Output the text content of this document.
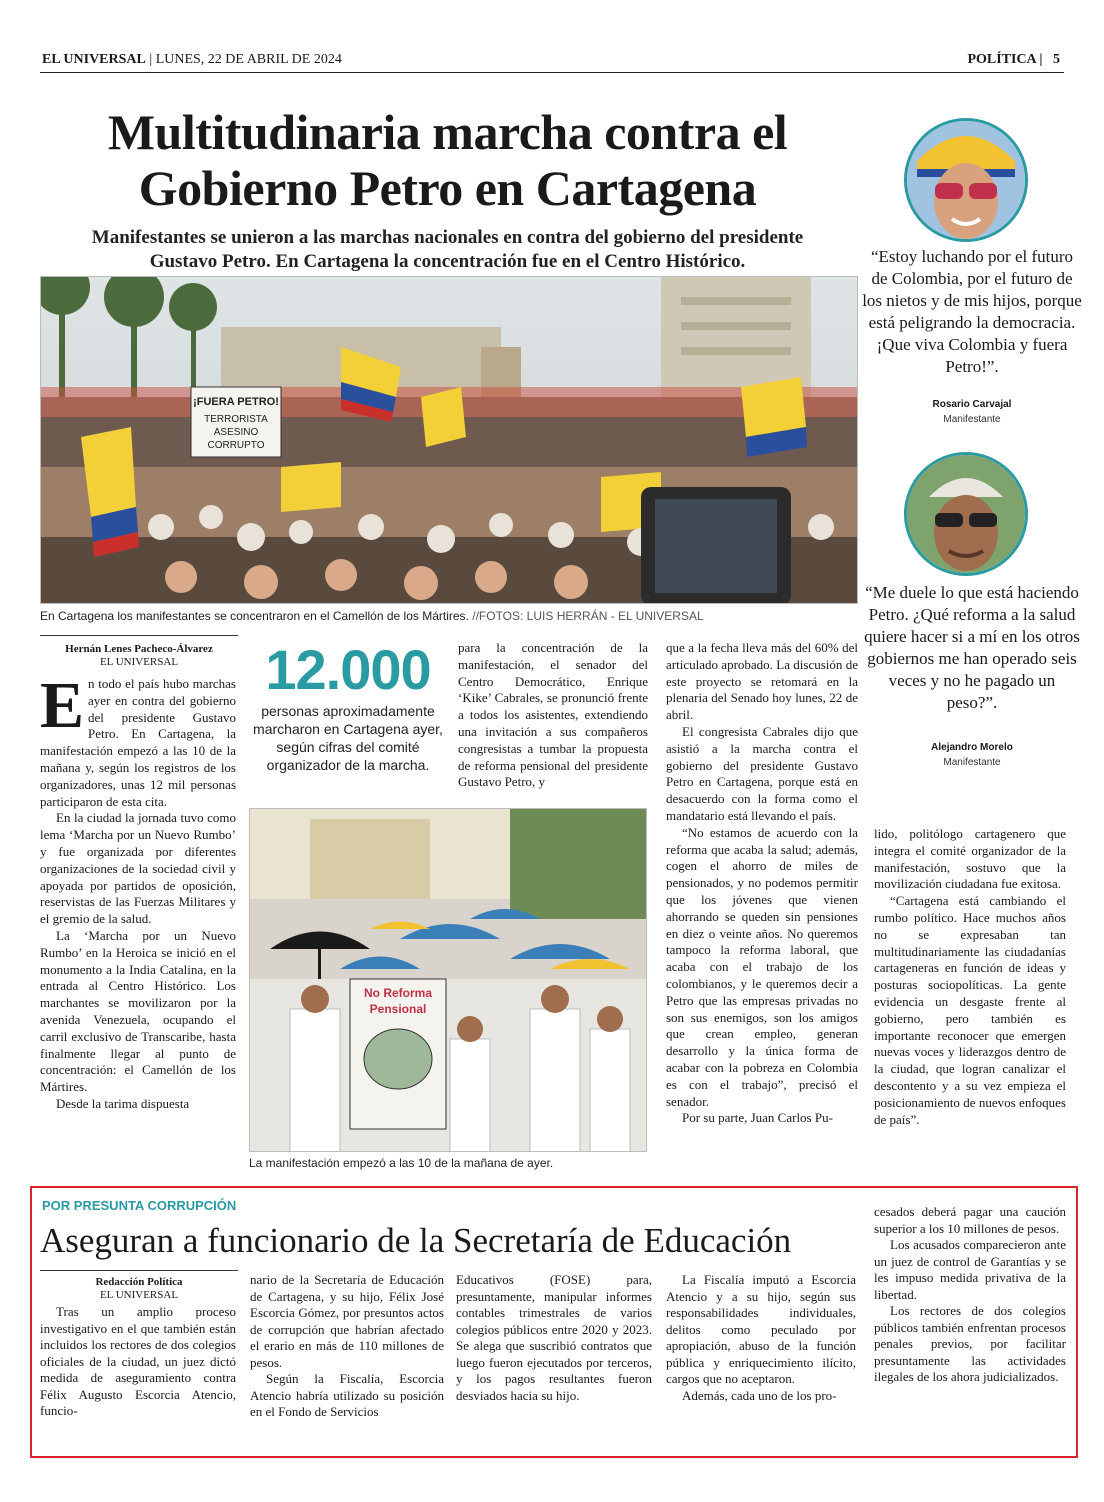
EL UNIVERSAL | LUNES, 22 DE ABRIL DE 2024	POLÍTICA |   5
Multitudinaria marcha contra el Gobierno Petro en Cartagena
Manifestantes se unieron a las marchas nacionales en contra del gobierno del presidente Gustavo Petro. En Cartagena la concentración fue en el Centro Histórico.
¡FUERA PETRO!
TERRORISTA
ASESINO
CORRUPTO
En Cartagena los manifestantes se concentraron en el Camellón de los Mártires. //FOTOS: LUIS HERRÁN - EL UNIVERSAL
“Estoy luchando por el futuro de Colombia, por el futuro de los nietos y de mis hijos, porque está peligrando la democracia. ¡Que viva Colombia y fuera Petro!”.
Rosario Carvajal
Manifestante
“Me duele lo que está haciendo Petro. ¿Qué reforma a la salud quiere hacer si a mí en los otros gobiernos me han operado seis veces y no he pagado un peso?”.
Alejandro Morelo
Manifestante
Hernán Lenes Pacheco-Álvarez
EL UNIVERSAL

En todo el país hubo marchas ayer en contra del gobierno del presidente Gustavo Petro. En Cartagena, la manifestación empezó a las 10 de la mañana y, según los registros de los organizadores, unas 12 mil personas participaron de esta cita.

En la ciudad la jornada tuvo como lema ‘Marcha por un Nuevo Rumbo’ y fue organizada por diferentes organizaciones de la sociedad civil y apoyada por partidos de oposición, reservistas de las Fuerzas Militares y el gremio de la salud.

La ‘Marcha por un Nuevo Rumbo’ en la Heroica se inició en el monumento a la India Catalina, en la entrada al Centro Histórico. Los marchantes se movilizaron por la avenida Venezuela, ocupando el carril exclusivo de Transcaribe, hasta finalmente llegar al punto de concentración: el Camellón de los Mártires.

Desde la tarima dispuesta

12.000
personas aproximadamente marcharon en Cartagena ayer, según cifras del comité organizador de la marcha.

para la concentración de la manifestación, el senador del Centro Democrático, Enrique ‘Kike’ Cabrales, se pronunció frente a todos los asistentes, extendiendo una invitación a sus compañeros congresistas a tumbar la propuesta de reforma pensional del presidente Gustavo Petro, y

No Reforma
Pensional
La manifestación empezó a las 10 de la mañana de ayer.

que a la fecha lleva más del 60% del articulado aprobado. La discusión de este proyecto se retomará en la plenaria del Senado hoy lunes, 22 de abril.

El congresista Cabrales dijo que asistió a la marcha contra el gobierno del presidente Gustavo Petro en Cartagena, porque está en desacuerdo con la forma como el mandatario está llevando el país.

“No estamos de acuerdo con la reforma que acaba la salud; además, cogen el ahorro de miles de pensionados, y no podemos permitir que los jóvenes que vienen ahorrando se queden sin pensiones en diez o veinte años. No queremos tampoco la reforma laboral, que acaba con el trabajo de los colombianos, y le queremos decir a Petro que las empresas privadas no son sus enemigos, son los amigos que crean empleo, generan desarrollo y la única forma de acabar con la pobreza en Colombia es con el trabajo”, precisó el senador.

Por su parte, Juan Carlos Pu-

lido, politólogo cartagenero que integra el comité organizador de la manifestación, sostuvo que la movilización ciudadana fue exitosa.

“Cartagena está cambiando el rumbo político. Hace muchos años no se expresaban tan multitudinariamente las ciudadanías cartageneras en función de ideas y posturas sociopolíticas. La gente evidencia un desgaste frente al gobierno, pero también es importante reconocer que emergen nuevas voces y liderazgos dentro de la ciudad, que logran canalizar el descontento y a su vez empieza el posicionamiento de nuevos enfoques de país”.

POR PRESUNTA CORRUPCIÓN
Aseguran a funcionario de la Secretaría de Educación
Redacción Política
EL UNIVERSAL

Tras un amplio proceso investigativo en el que también están incluidos los rectores de dos colegios oficiales de la ciudad, un juez dictó medida de aseguramiento contra Félix Augusto Escorcia Atencio, funcio-

nario de la Secretaría de Educación de Cartagena, y su hijo, Félix José Escorcia Gómez, por presuntos actos de corrupción que habrían afectado el erario en más de 110 millones de pesos.

Según la Fiscalía, Escorcia Atencio habría utilizado su posición en el Fondo de Servicios

Educativos (FOSE) para, presuntamente, manipular informes contables trimestrales de varios colegios públicos entre 2020 y 2023. Se alega que suscribió contratos que luego fueron ejecutados por terceros, y los pagos resultantes fueron desviados hacia su hijo.

La Fiscalía imputó a Escorcia Atencio y a su hijo, según sus responsabilidades individuales, delitos como peculado por apropiación, abuso de la función pública y enriquecimiento ilícito, cargos que no aceptaron.

Además, cada uno de los pro-

cesados deberá pagar una caución superior a los 10 millones de pesos.

Los acusados comparecieron ante un juez de control de Garantías y se les impuso medida privativa de la libertad.

Los rectores de dos colegios públicos también enfrentan procesos penales previos, por facilitar presuntamente las actividades ilegales de los ahora judicializados.
